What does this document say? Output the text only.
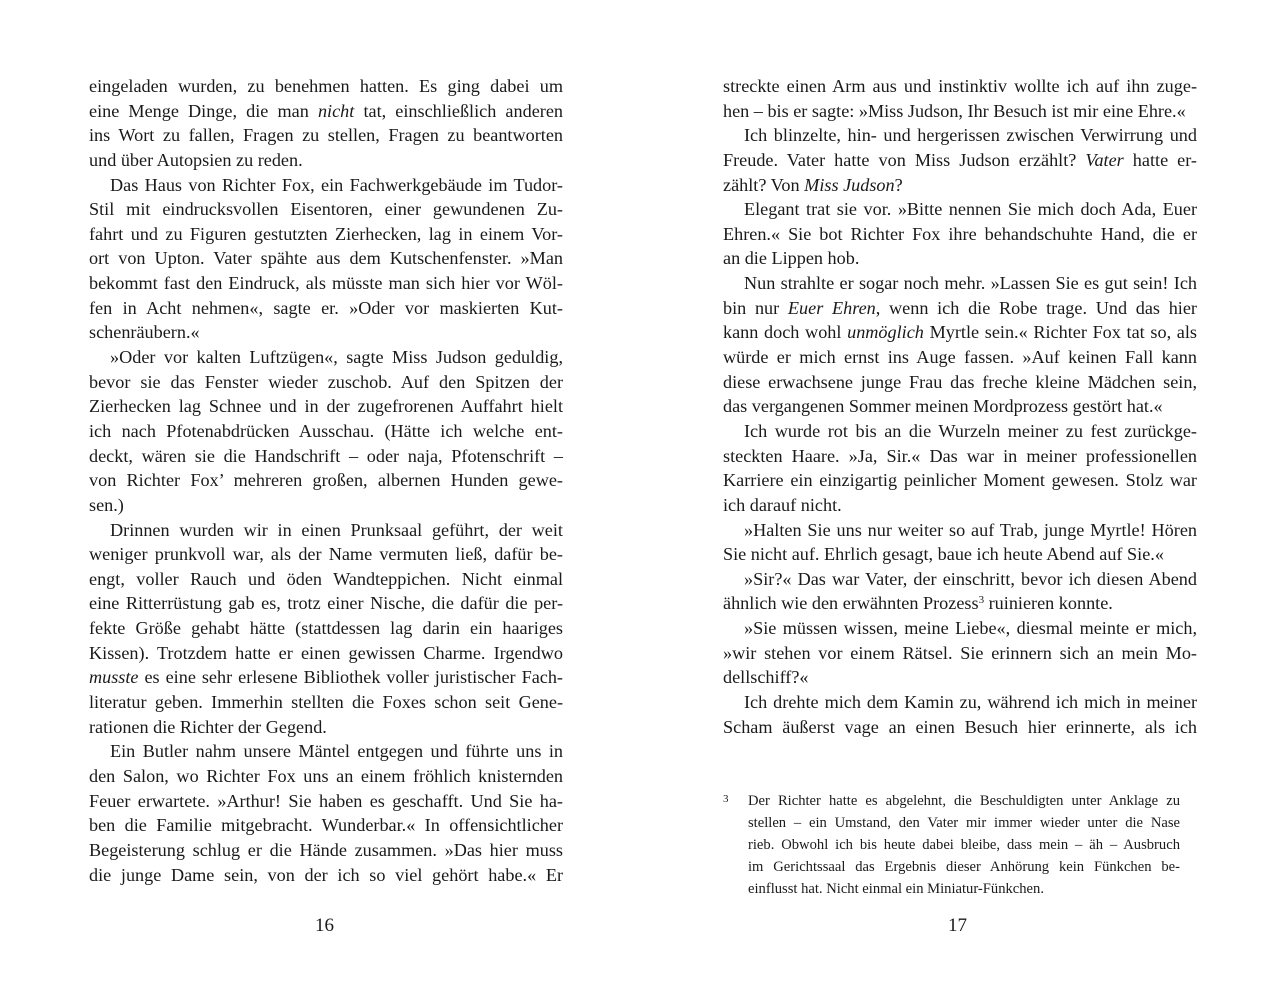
eingeladen wurden, zu benehmen hatten. Es ging dabei um
eine Menge Dinge, die man nicht tat, einschließlich anderen
ins Wort zu fallen, Fragen zu stellen, Fragen zu beantworten
und über Autopsien zu reden.
Das Haus von Richter Fox, ein Fachwerkgebäude im Tudor-
Stil mit eindrucksvollen Eisentoren, einer gewundenen Zu-
fahrt und zu Figuren gestutzten Zierhecken, lag in einem Vor-
ort von Upton. Vater spähte aus dem Kutschenfenster. »Man
bekommt fast den Eindruck, als müsste man sich hier vor Wöl-
fen in Acht nehmen«, sagte er. »Oder vor maskierten Kut-
schenräubern.«
»Oder vor kalten Luftzügen«, sagte Miss Judson geduldig,
bevor sie das Fenster wieder zuschob. Auf den Spitzen der
Zierhecken lag Schnee und in der zugefrorenen Auffahrt hielt
ich nach Pfotenabdrücken Ausschau. (Hätte ich welche ent-
deckt, wären sie die Handschrift – oder naja, Pfotenschrift –
von Richter Fox’ mehreren großen, albernen Hunden gewe-
sen.)
Drinnen wurden wir in einen Prunksaal geführt, der weit
weniger prunkvoll war, als der Name vermuten ließ, dafür be-
engt, voller Rauch und öden Wandteppichen. Nicht einmal
eine Ritterrüstung gab es, trotz einer Nische, die dafür die per-
fekte Größe gehabt hätte (stattdessen lag darin ein haariges
Kissen). Trotzdem hatte er einen gewissen Charme. Irgendwo
musste es eine sehr erlesene Bibliothek voller juristischer Fach-
literatur geben. Immerhin stellten die Foxes schon seit Gene-
rationen die Richter der Gegend.
Ein Butler nahm unsere Mäntel entgegen und führte uns in
den Salon, wo Richter Fox uns an einem fröhlich knisternden
Feuer erwartete. »Arthur! Sie haben es geschafft. Und Sie ha-
ben die Familie mitgebracht. Wunderbar.« In offensichtlicher
Begeisterung schlug er die Hände zusammen. »Das hier muss
die junge Dame sein, von der ich so viel gehört habe.« Er
16
streckte einen Arm aus und instinktiv wollte ich auf ihn zuge-
hen – bis er sagte: »Miss Judson, Ihr Besuch ist mir eine Ehre.«
Ich blinzelte, hin- und hergerissen zwischen Verwirrung und
Freude. Vater hatte von Miss Judson erzählt? Vater hatte er-
zählt? Von Miss Judson?
Elegant trat sie vor. »Bitte nennen Sie mich doch Ada, Euer
Ehren.« Sie bot Richter Fox ihre behandschuhte Hand, die er
an die Lippen hob.
Nun strahlte er sogar noch mehr. »Lassen Sie es gut sein! Ich
bin nur Euer Ehren, wenn ich die Robe trage. Und das hier
kann doch wohl unmöglich Myrtle sein.« Richter Fox tat so, als
würde er mich ernst ins Auge fassen. »Auf keinen Fall kann
diese erwachsene junge Frau das freche kleine Mädchen sein,
das vergangenen Sommer meinen Mordprozess gestört hat.«
Ich wurde rot bis an die Wurzeln meiner zu fest zurückge-
steckten Haare. »Ja, Sir.« Das war in meiner professionellen
Karriere ein einzigartig peinlicher Moment gewesen. Stolz war
ich darauf nicht.
»Halten Sie uns nur weiter so auf Trab, junge Myrtle! Hören
Sie nicht auf. Ehrlich gesagt, baue ich heute Abend auf Sie.«
»Sir?« Das war Vater, der einschritt, bevor ich diesen Abend
ähnlich wie den erwähnten Prozess$^3$ ruinieren konnte.
»Sie müssen wissen, meine Liebe«, diesmal meinte er mich,
»wir stehen vor einem Rätsel. Sie erinnern sich an mein Mo-
dellschiff?«
Ich drehte mich dem Kamin zu, während ich mich in meiner
Scham äußerst vage an einen Besuch hier erinnerte, als ich
3 Der Richter hatte es abgelehnt, die Beschuldigten unter Anklage zu
stellen – ein Umstand, den Vater mir immer wieder unter die Nase
rieb. Obwohl ich bis heute dabei bleibe, dass mein – äh – Ausbruch
im Gerichtssaal das Ergebnis dieser Anhörung kein Fünkchen be-
einflusst hat. Nicht einmal ein Miniatur-Fünkchen.
17
